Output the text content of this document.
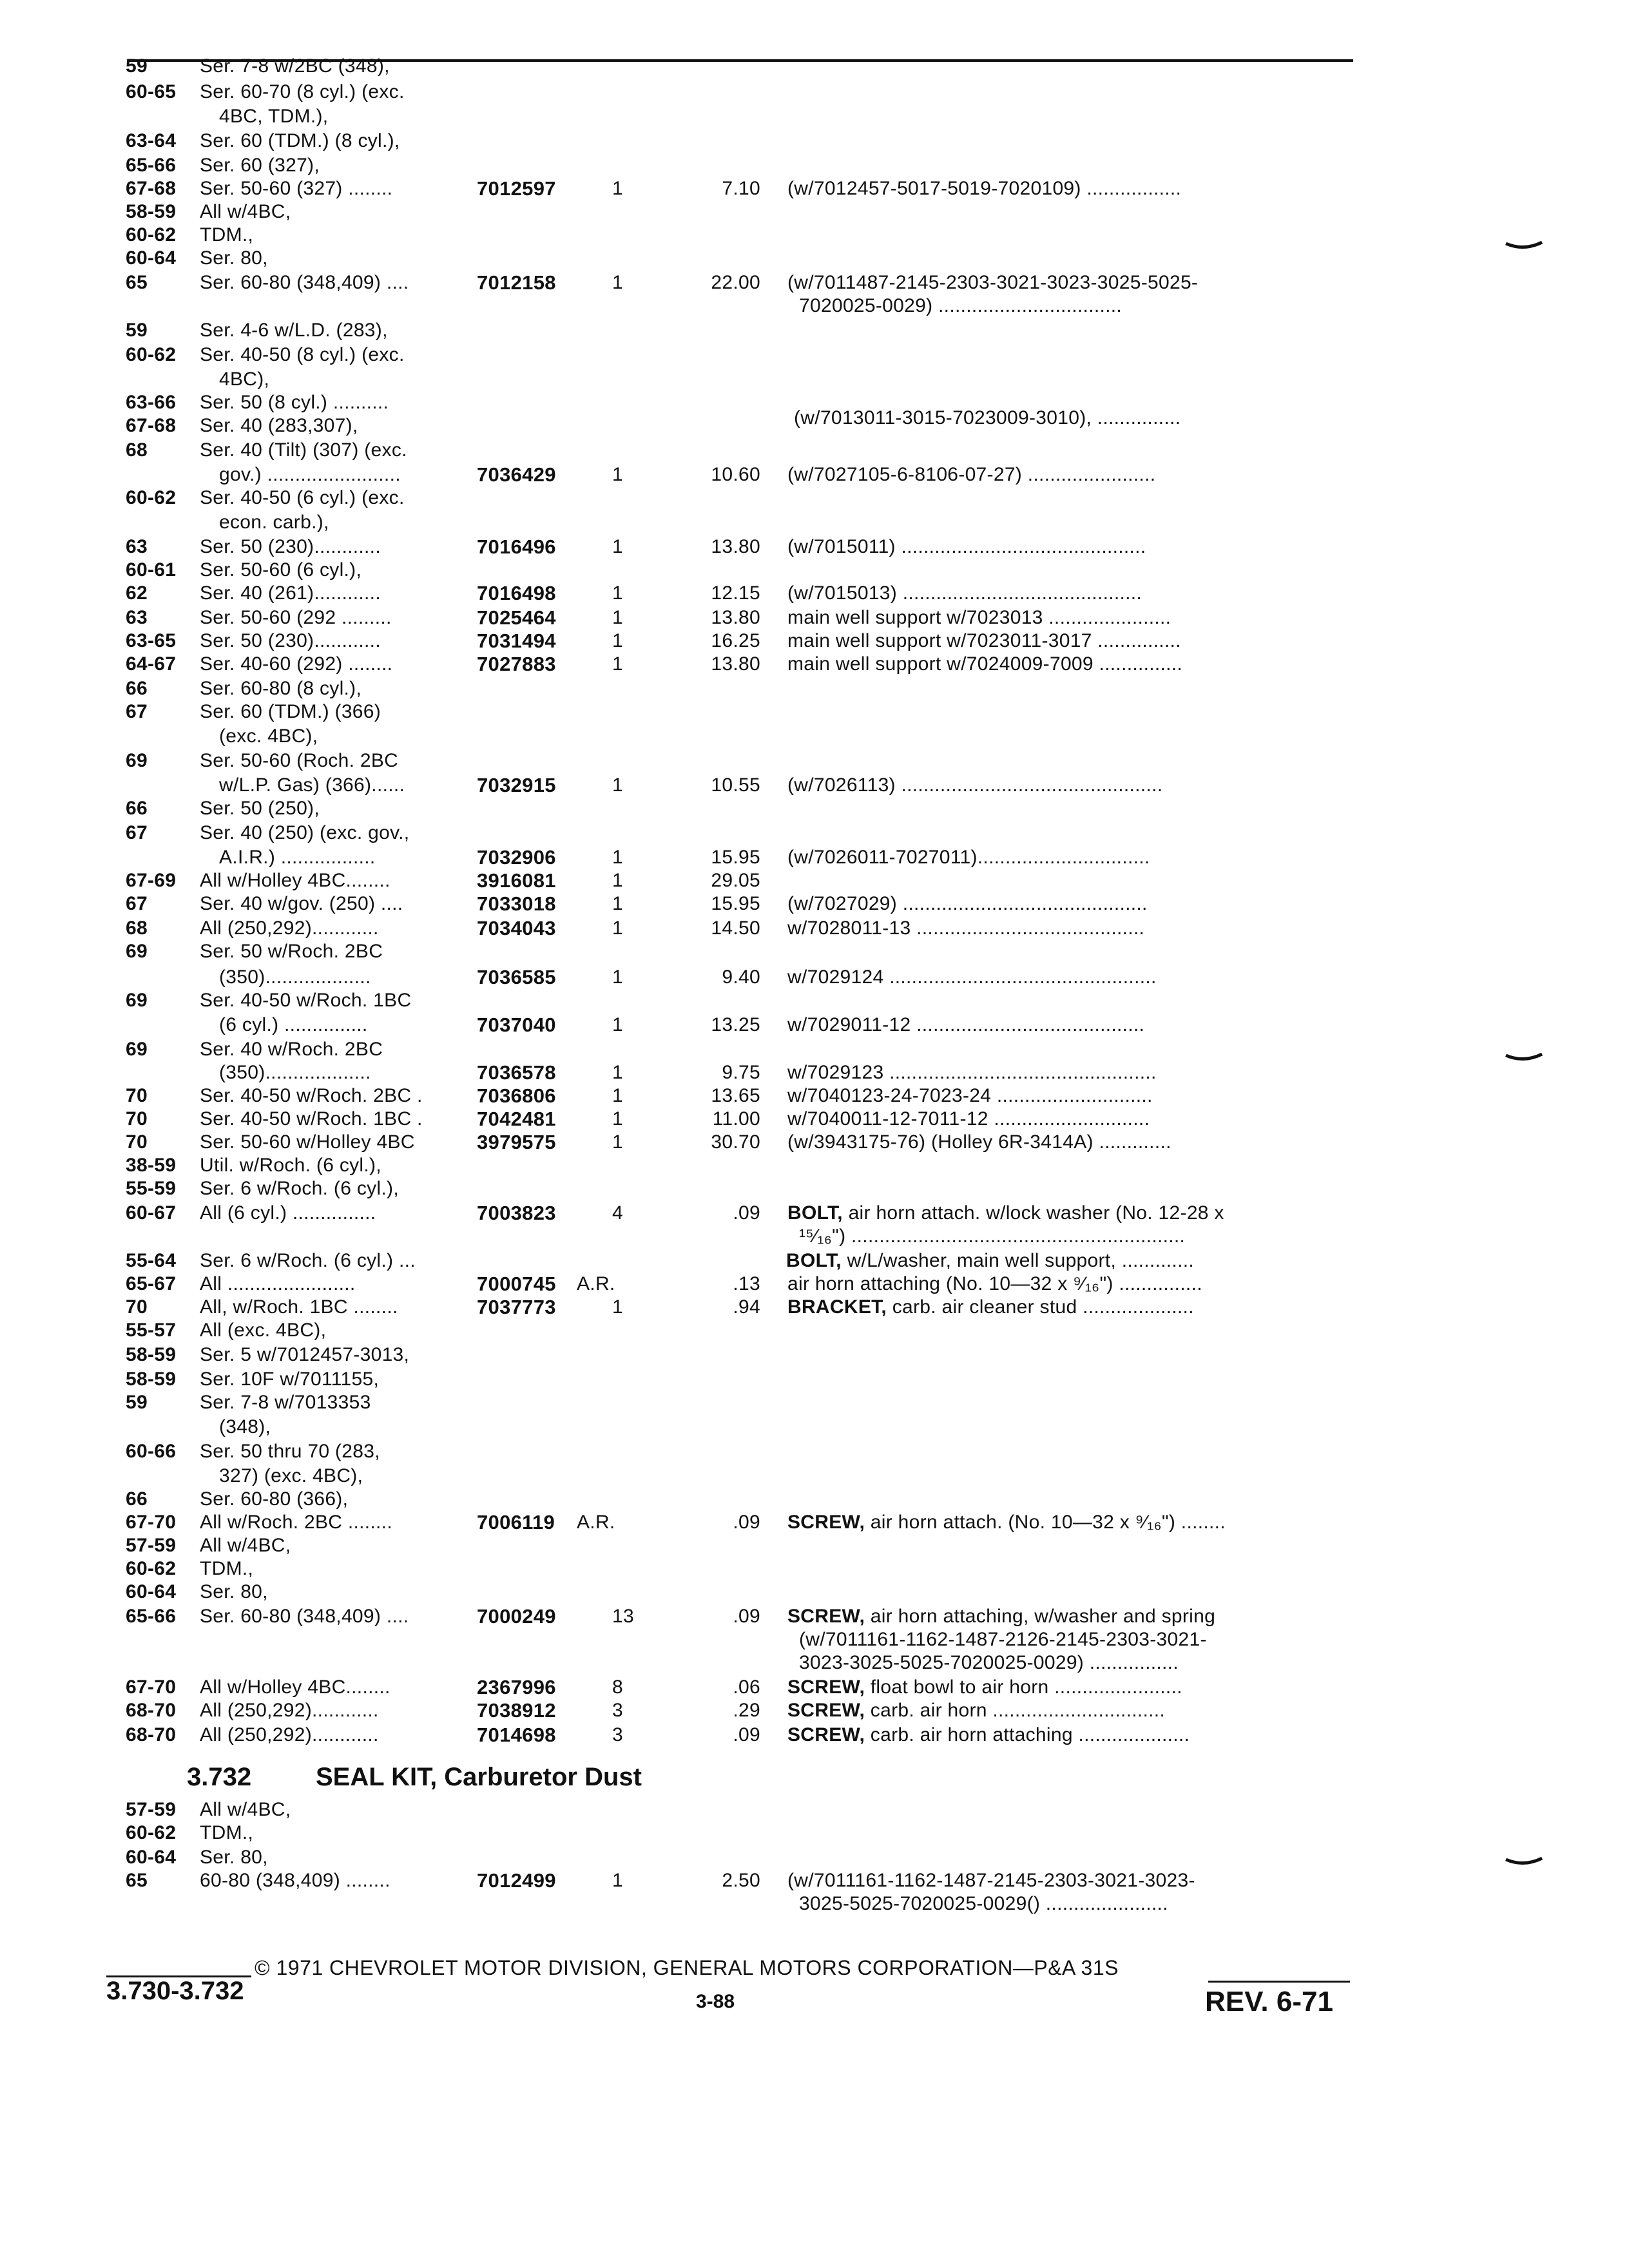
59	Ser. 7-8 w/2BC (348),
60-65 Ser. 60-70 (8 cyl.) (exc.
4BC, TDM.),
63-64 Ser. 60 (TDM.) (8 cyl.),
65-66 Ser. 60 (327),
67-68 Ser. 50-60 (327) ........
58-59 All w/4BC,
60-62 TDM.,
60-64 Ser. 80,
65	Ser. 60-80 (348,409) ....
59	Ser. 4-6 w/L.D. (283),
60-62 Ser. 40-50 (8 cyl.) (exc.
4BC),
63-66 Ser. 50 (8 cyl.) ..........
67-68 Ser. 40 (283,307),
68	Ser. 40 (Tilt) (307) (exc.
gov.) ........................
60-62 Ser. 40-50 (6 cyl.) (exc.
econ. carb.),
63	Ser. 50 (230)............
60-61 Ser. 50-60 (6 cyl.),
62	Ser. 40 (261)............
63	Ser. 50-60 (292 .........
63-65 Ser. 50 (230)............
64-67 Ser. 40-60 (292) ........
66	Ser. 60-80 (8 cyl.),
67	Ser. 60 (TDM.) (366)
(exc. 4BC),
69	Ser. 50-60 (Roch. 2BC
w/L.P. Gas) (366)......
66	Ser. 50 (250),
67	Ser. 40 (250) (exc. gov.,
A.I.R.) .................
67-69 All w/Holley 4BC........
67	Ser. 40 w/gov. (250) ....
68	All (250,292)............
69	Ser. 50 w/Roch. 2BC
(350)...................
69	Ser. 40-50 w/Roch. 1BC
(6 cyl.) ...............
69	Ser. 40 w/Roch. 2BC
(350)...................
70	Ser. 40-50 w/Roch. 2BC .
70	Ser. 40-50 w/Roch. 1BC .
70	Ser. 50-60 w/Holley 4BC
38-59 Util. w/Roch. (6 cyl.),
55-59 Ser. 6 w/Roch. (6 cyl.),
60-67 All (6 cyl.) ...............
55-64 Ser. 6 w/Roch. (6 cyl.) ...
65-67 All .......................
70	All, w/Roch. 1BC ........
55-57 All (exc. 4BC),
58-59 Ser. 5 w/7012457-3013,
58-59 Ser. 10F w/7011155,
59	Ser. 7-8 w/7013353
(348),
60-66 Ser. 50 thru 70 (283,
327) (exc. 4BC),
66	Ser. 60-80 (366),
67-70 All w/Roch. 2BC ........
57-59 All w/4BC,
60-62 TDM.,
60-64 Ser. 80,
65-66 Ser. 60-80 (348,409) ....
67-70 All w/Holley 4BC........
68-70 All (250,292)............
68-70 All (250,292)............
57-59 All w/4BC,
60-62 TDM.,
60-64 Ser. 80,
65	60-80 (348,409) ........
7012597	1	7.10 (w/7012457-5017-5019-7020109) .................
7012158	1	22.00 (w/7011487-2145-2303-3021-3023-3025-5025-
7036429	1	10.60 (w/7027105-6-8106-07-27) .......................
7016496	1	13.80 (w/7015011) ............................................
7016498	1	12.15 (w/7015013) ...........................................
7025464	1	13.80 main well support w/7023013 ......................
7031494	1	16.25 main well support w/7023011-3017 ...............
7027883	1	13.80 main well support w/7024009-7009 ...............
7032915	1	10.55 (w/7026113) ...............................................
7032906	1	15.95 (w/7026011-7027011)...............................
3916081	1	29.05
7033018	1	15.95 (w/7027029) ............................................
7034043	1	14.50 w/7028011-13 .........................................
7036585	1	9.40 w/7029124 ................................................
7037040	1	13.25 w/7029011-12 .........................................
7036578	1	9.75 w/7029123 ................................................
7036806	1	13.65 w/7040123-24-7023-24 ............................
7042481	1	11.00 w/7040011-12-7011-12 ............................
3979575	1	30.70 (w/3943175-76) (Holley 6R-3414A) .............
7003823	4	.09 BOLT, air horn attach. w/lock washer (No. 12-28 x
7000745 A.R.	.13 air horn attaching (No. 10—32 x ⁹⁄₁₆") ...............
7037773	1	.94 BRACKET, carb. air cleaner stud ....................
7006119 A.R.	.09 SCREW, air horn attach. (No. 10—32 x ⁹⁄₁₆") ........
7000249	13	.09 SCREW, air horn attaching, w/washer and spring
2367996	8	.06 SCREW, float bowl to air horn .......................
7038912	3	.29 SCREW, carb. air horn ...............................
7014698	3	.09 SCREW, carb. air horn attaching ....................
7012499	1	2.50 (w/7011161-1162-1487-2145-2303-3021-3023-
7020025-0029) .................................
(w/7013011-3015-7023009-3010), ...............
¹⁵⁄₁₆") ............................................................
BOLT, w/L/washer, main well support, .............
(w/7011161-1162-1487-2126-2145-2303-3021-
3023-3025-5025-7020025-0029) ................
3025-5025-7020025-0029() ......................
3.732 SEAL KIT, Carburetor Dust
© 1971 CHEVROLET MOTOR DIVISION, GENERAL MOTORS CORPORATION—P&A 31S
3.730-3.732	3-88	REV. 6-71
